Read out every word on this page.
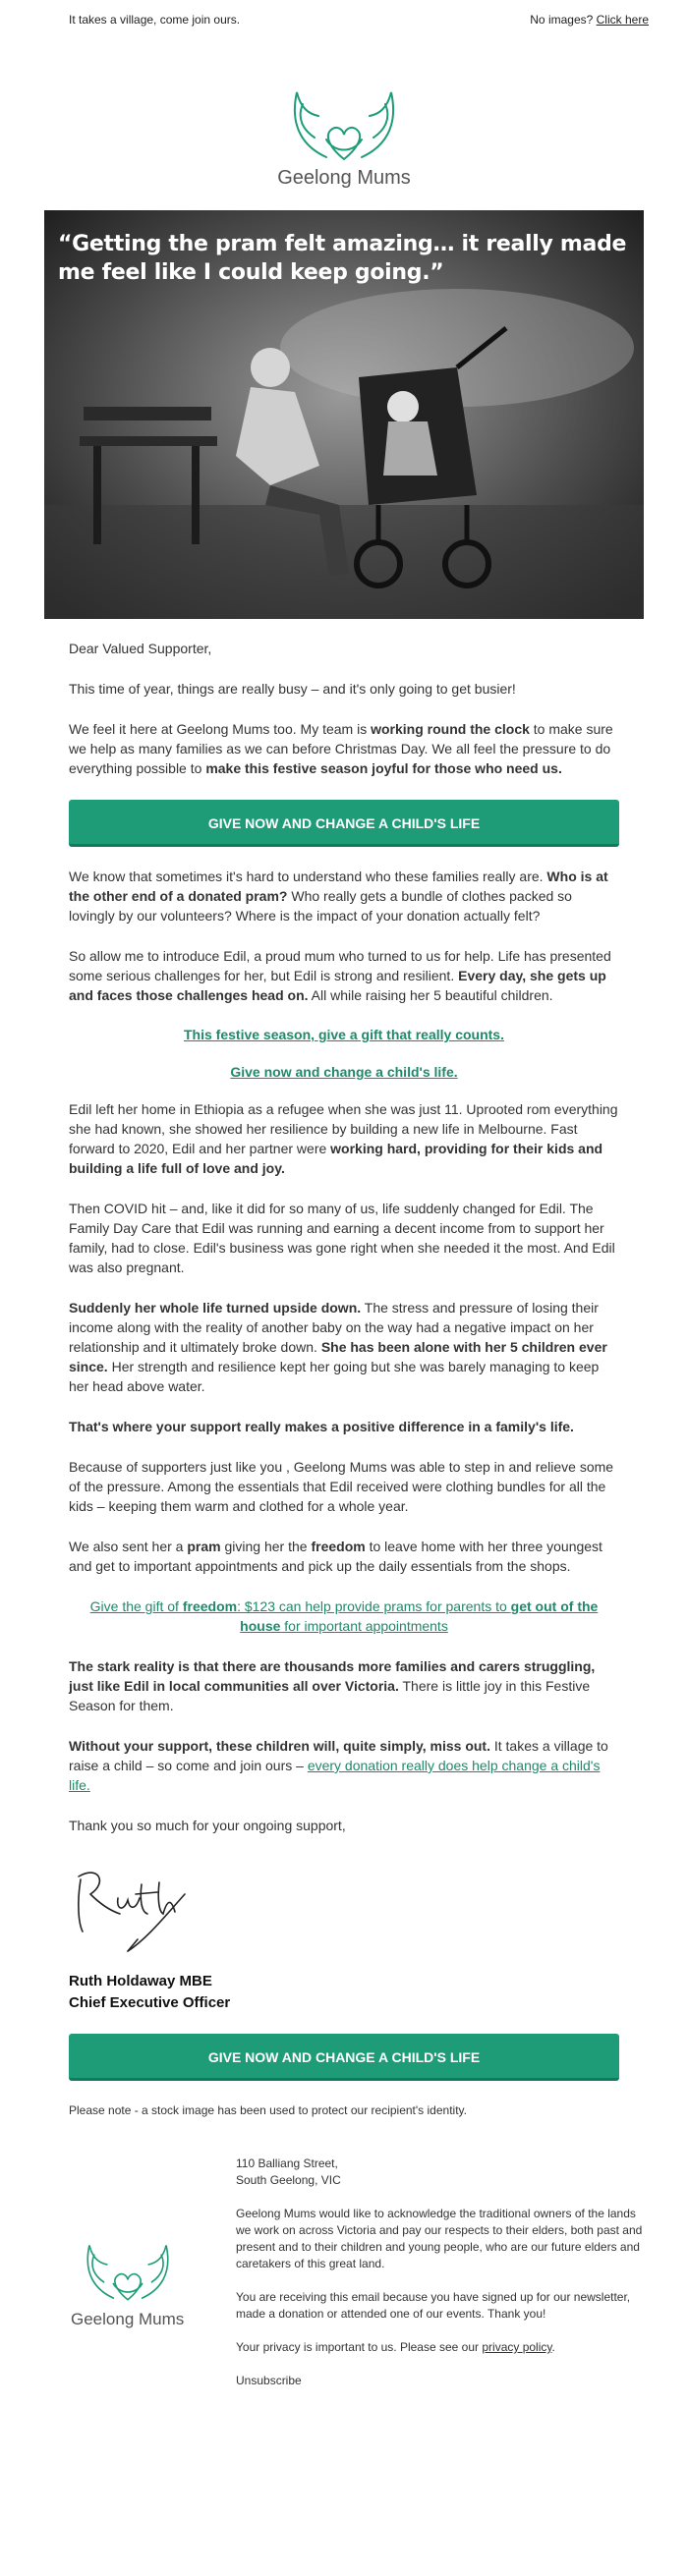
It takes a village, come join ours.	No images? Click here
Geelong Mums
“Getting the pram felt amazing… it really made me feel like I could keep going.”

Dear Valued Supporter,

This time of year, things are really busy – and it's only going to get busier!

We feel it here at Geelong Mums too. My team is working round the clock to make sure we help as many families as we can before Christmas Day. We all feel the pressure to do everything possible to make this festive season joyful for those who need us.

GIVE NOW AND CHANGE A CHILD'S LIFE

We know that sometimes it's hard to understand who these families really are. Who is at the other end of a donated pram? Who really gets a bundle of clothes packed so lovingly by our volunteers? Where is the impact of your donation actually felt?

So allow me to introduce Edil, a proud mum who turned to us for help. Life has presented some serious challenges for her, but Edil is strong and resilient. Every day, she gets up and faces those challenges head on. All while raising her 5 beautiful children.

This festive season, give a gift that really counts.

Give now and change a child's life.

Edil left her home in Ethiopia as a refugee when she was just 11. Uprooted rom everything she had known, she showed her resilience by building a new life in Melbourne. Fast forward to 2020, Edil and her partner were working hard, providing for their kids and building a life full of love and joy.

Then COVID hit – and, like it did for so many of us, life suddenly changed for Edil. The Family Day Care that Edil was running and earning a decent income from to support her family, had to close. Edil's business was gone right when she needed it the most. And Edil was also pregnant.

Suddenly her whole life turned upside down. The stress and pressure of losing their income along with the reality of another baby on the way had a negative impact on her relationship and it ultimately broke down. She has been alone with her 5 children ever since. Her strength and resilience kept her going but she was barely managing to keep her head above water.

That's where your support really makes a positive difference in a family's life.

Because of supporters just like you , Geelong Mums was able to step in and relieve some of the pressure. Among the essentials that Edil received were clothing bundles for all the kids – keeping them warm and clothed for a whole year.

We also sent her a pram giving her the freedom to leave home with her three youngest and get to important appointments and pick up the daily essentials from the shops.

Give the gift of freedom: $123 can help provide prams for parents to get out of the house for important appointments

The stark reality is that there are thousands more families and carers struggling, just like Edil in local communities all over Victoria. There is little joy in this Festive Season for them.

Without your support, these children will, quite simply, miss out. It takes a village to raise a child – so come and join ours – every donation really does help change a child's life.

Thank you so much for your ongoing support,

Ruth Holdaway MBE

Chief Executive Officer

GIVE NOW AND CHANGE A CHILD'S LIFE

Please note - a stock image has been used to protect our recipient's identity.

Geelong Mums

110 Balliang Street,

South Geelong, VIC

Geelong Mums would like to acknowledge the traditional owners of the lands we work on across Victoria and pay our respects to their elders, both past and present and to their children and young people, who are our future elders and caretakers of this great land.

You are receiving this email because you have signed up for our newsletter, made a donation or attended one of our events. Thank you!

Your privacy is important to us. Please see our privacy policy.

Unsubscribe
